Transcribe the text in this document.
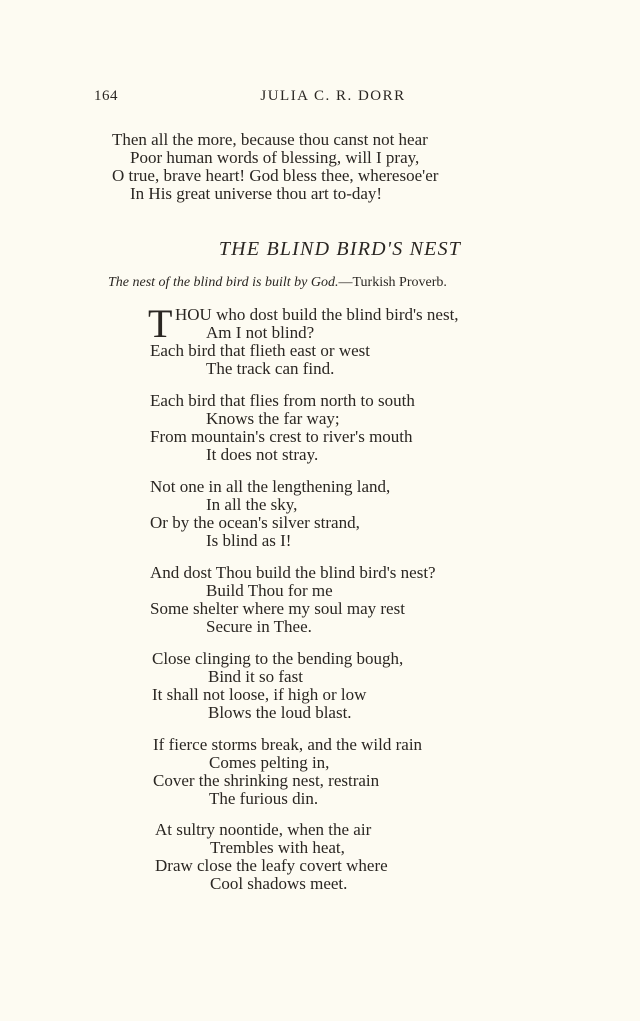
164	JULIA C. R. DORR
Then all the more, because thou canst not hear
Poor human words of blessing, will I pray,
O true, brave heart! God bless thee, wheresoe'er
In His great universe thou art to-day!
THE BLIND BIRD'S NEST
The nest of the blind bird is built by God.—Turkish Proverb.
T HOU who dost build the blind bird's nest,
Am I not blind?
Each bird that flieth east or west
The track can find.
Each bird that flies from north to south
Knows the far way;
From mountain's crest to river's mouth
It does not stray.
Not one in all the lengthening land,
In all the sky,
Or by the ocean's silver strand,
Is blind as I!
And dost Thou build the blind bird's nest?
Build Thou for me
Some shelter where my soul may rest
Secure in Thee.
Close clinging to the bending bough,
Bind it so fast
It shall not loose, if high or low
Blows the loud blast.
If fierce storms break, and the wild rain
Comes pelting in,
Cover the shrinking nest, restrain
The furious din.
At sultry noontide, when the air
Trembles with heat,
Draw close the leafy covert where
Cool shadows meet.
